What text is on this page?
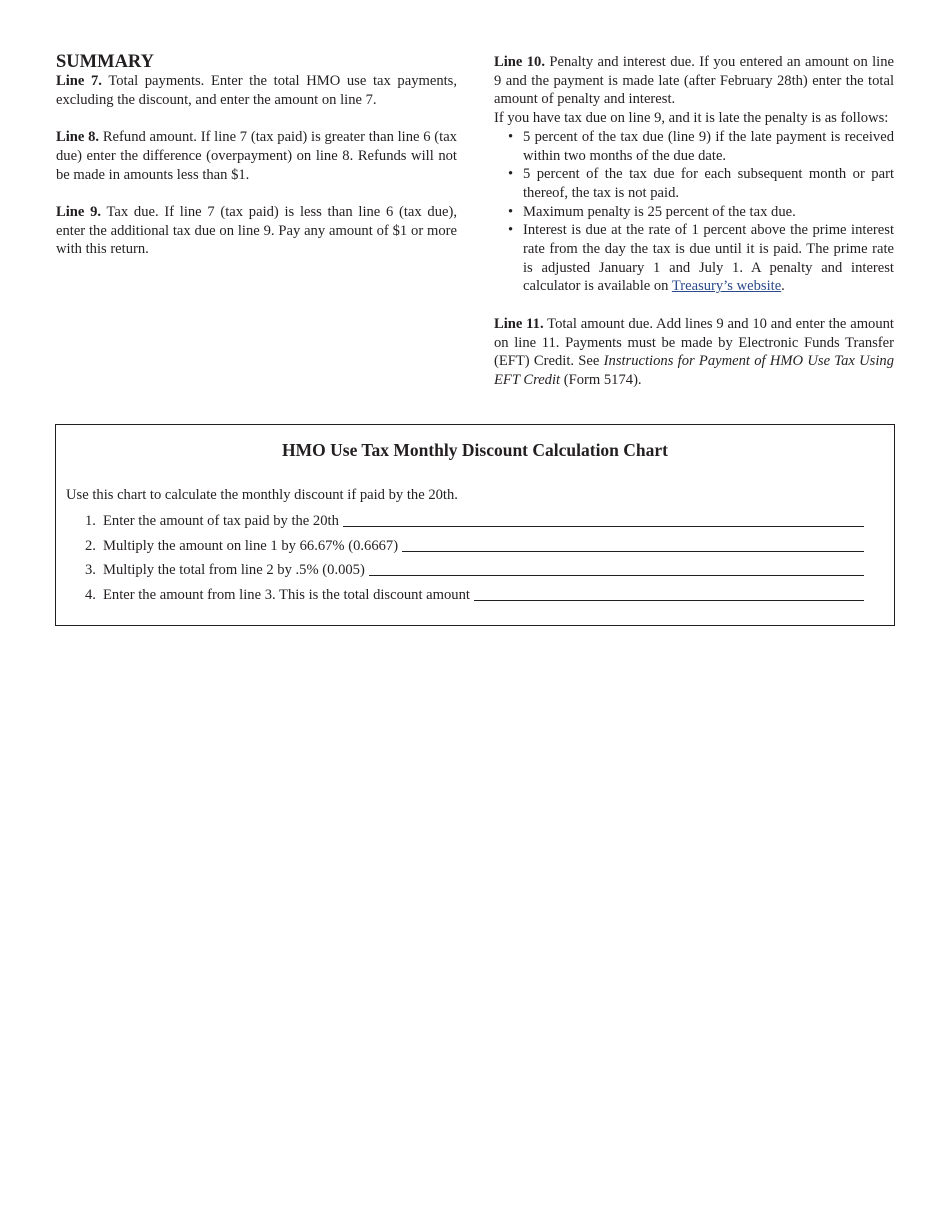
SUMMARY

Line 7. Total payments. Enter the total HMO use tax payments, excluding the discount, and enter the amount on line 7.

Line 8. Refund amount. If line 7 (tax paid) is greater than line 6 (tax due) enter the difference (overpayment) on line 8. Refunds will not be made in amounts less than $1.

Line 9. Tax due. If line 7 (tax paid) is less than line 6 (tax due), enter the additional tax due on line 9. Pay any amount of $1 or more with this return.

Line 10. Penalty and interest due. If you entered an amount on line 9 and the payment is made late (after February 28th) enter the total amount of penalty and interest.

If you have tax due on line 9, and it is late the penalty is as follows:

• 5 percent of the tax due (line 9) if the late payment is received within two months of the due date.
• 5 percent of the tax due for each subsequent month or part thereof, the tax is not paid.
• Maximum penalty is 25 percent of the tax due.
• Interest is due at the rate of 1 percent above the prime interest rate from the day the tax is due until it is paid. The prime rate is adjusted January 1 and July 1. A penalty and interest calculator is available on Treasury’s website.

Line 11. Total amount due. Add lines 9 and 10 and enter the amount on line 11. Payments must be made by Electronic Funds Transfer (EFT) Credit. See Instructions for Payment of HMO Use Tax Using EFT Credit (Form 5174).

HMO Use Tax Monthly Discount Calculation Chart
Use this chart to calculate the monthly discount if paid by the 20th.
1. Enter the amount of tax paid by the 20th
2. Multiply the amount on line 1 by 66.67% (0.6667)
3. Multiply the total from line 2 by .5% (0.005)
4. Enter the amount from line 3. This is the total discount amount
